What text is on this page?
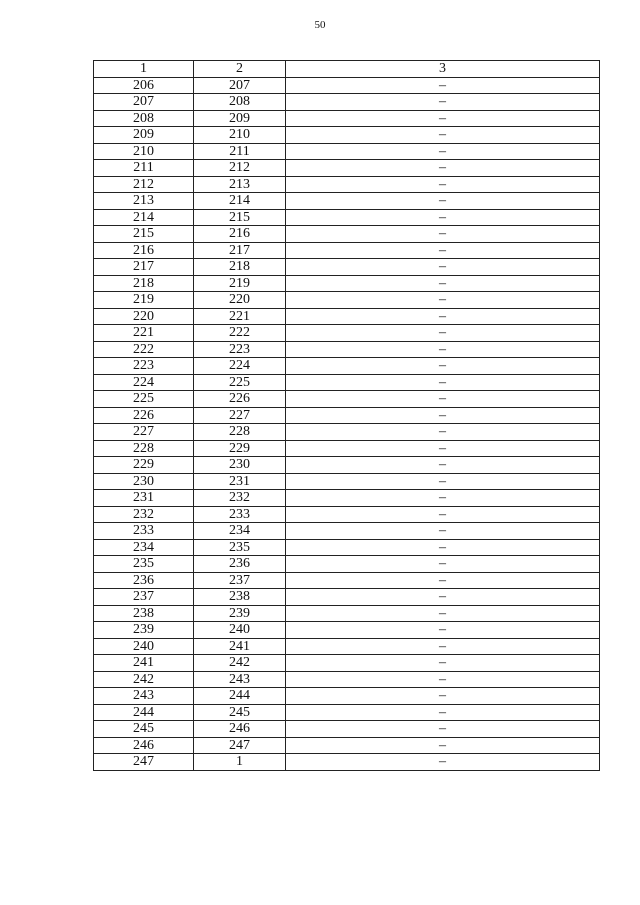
50
1	2	3
206	207	–
207	208	–
208	209	–
209	210	–
210	211	–
211	212	–
212	213	–
213	214	–
214	215	–
215	216	–
216	217	–
217	218	–
218	219	–
219	220	–
220	221	–
221	222	–
222	223	–
223	224	–
224	225	–
225	226	–
226	227	–
227	228	–
228	229	–
229	230	–
230	231	–
231	232	–
232	233	–
233	234	–
234	235	–
235	236	–
236	237	–
237	238	–
238	239	–
239	240	–
240	241	–
241	242	–
242	243	–
243	244	–
244	245	–
245	246	–
246	247	–
247	1	–
